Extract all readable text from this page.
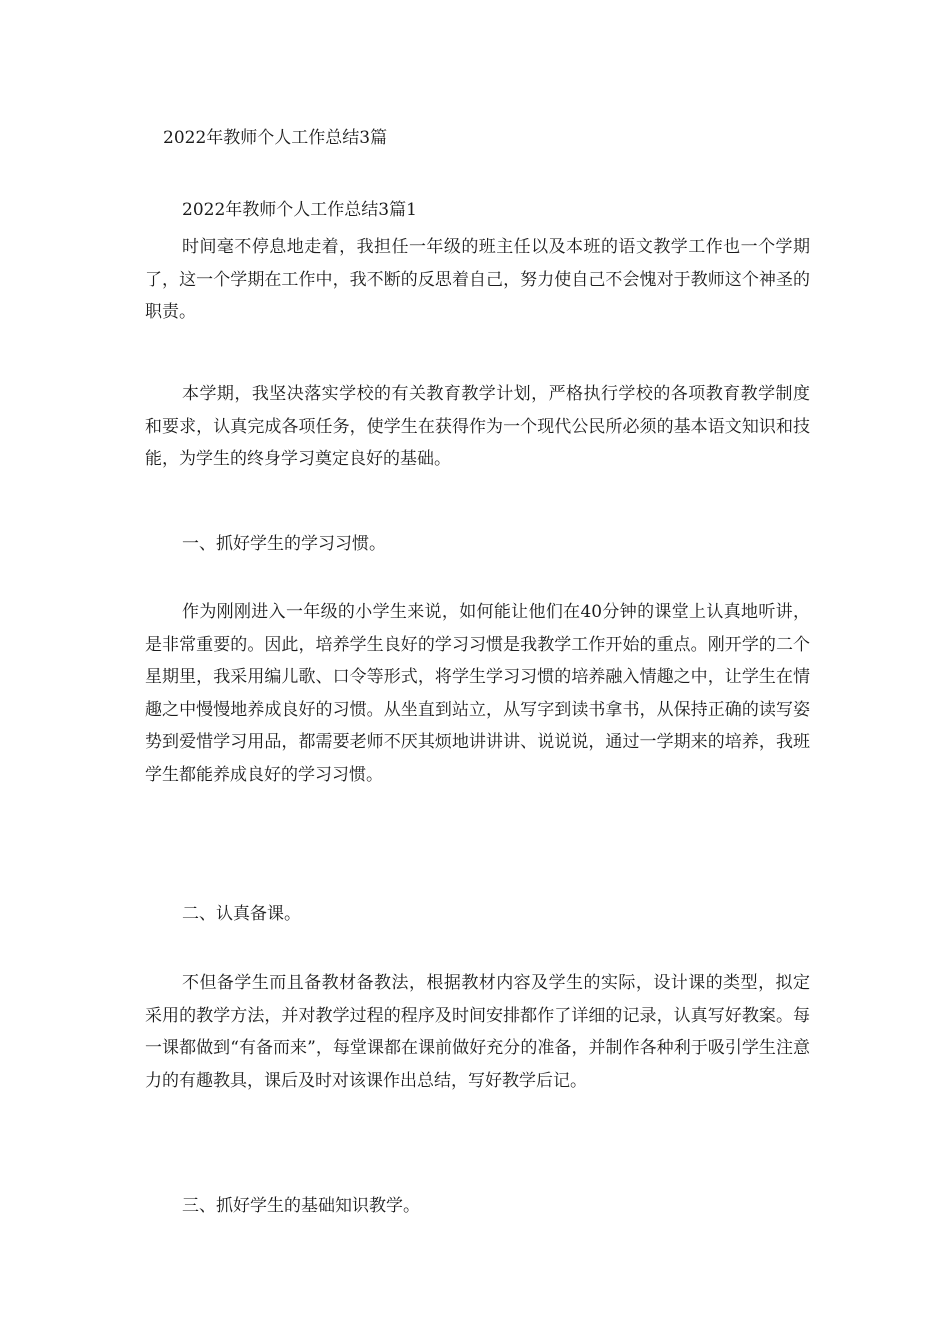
2022年教师个人工作总结3篇
2022年教师个人工作总结3篇1

时间毫不停息地走着，我担任一年级的班主任以及本班的语文教学工作也一个学期了，这一个学期在工作中，我不断的反思着自己，努力使自己不会愧对于教师这个神圣的职责。

本学期，我坚决落实学校的有关教育教学计划，严格执行学校的各项教育教学制度和要求，认真完成各项任务，使学生在获得作为一个现代公民所必须的基本语文知识和技能，为学生的终身学习奠定良好的基础。

一、抓好学生的学习习惯。

作为刚刚进入一年级的小学生来说，如何能让他们在40分钟的课堂上认真地听讲，是非常重要的。因此，培养学生良好的学习习惯是我教学工作开始的重点。刚开学的二个星期里，我采用编儿歌、口令等形式，将学生学习习惯的培养融入情趣之中，让学生在情趣之中慢慢地养成良好的习惯。从坐直到站立，从写字到读书拿书，从保持正确的读写姿势到爱惜学习用品，都需要老师不厌其烦地讲讲讲、说说说，通过一学期来的培养，我班学生都能养成良好的学习习惯。

二、认真备课。

不但备学生而且备教材备教法，根据教材内容及学生的实际，设计课的类型，拟定采用的教学方法，并对教学过程的程序及时间安排都作了详细的记录，认真写好教案。每一课都做到“有备而来”，每堂课都在课前做好充分的准备，并制作各种利于吸引学生注意力的有趣教具，课后及时对该课作出总结，写好教学后记。

三、抓好学生的基础知识教学。
